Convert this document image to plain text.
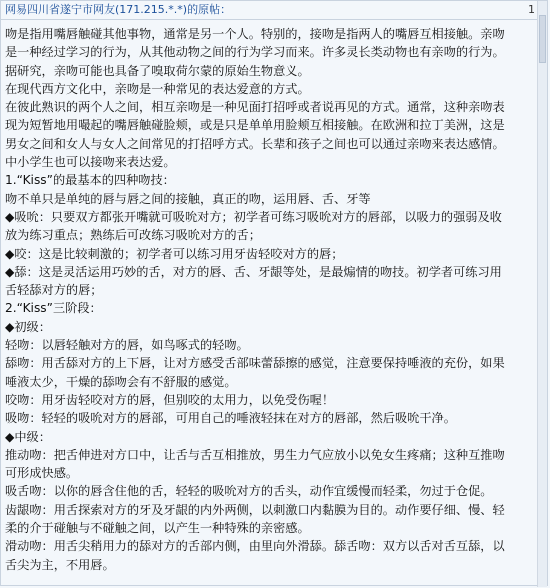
网易四川省遂宁市网友(171.215.*.*)的原帖：	1
吻是指用嘴唇触碰其他事物，通常是另一个人。特别的，接吻是指两人的嘴唇互相接触。亲吻
是一种经过学习的行为，从其他动物之间的行为学习而来。许多灵长类动物也有亲吻的行为。
据研究，亲吻可能也具备了嗅取荷尔蒙的原始生物意义。
在现代西方文化中，亲吻是一种常见的表达爱意的方式。
在彼此熟识的两个人之间，相互亲吻是一种见面打招呼或者说再见的方式。通常，这种亲吻表
现为短暂地用嘬起的嘴唇触碰脸颊，或是只是单单用脸颊互相接触。在欧洲和拉丁美洲，这是
男女之间和女人与女人之间常见的打招呼方式。长辈和孩子之间也可以通过亲吻来表达感情。
中小学生也可以接吻来表达爱。
1.“Kiss”的最基本的四种吻技：
吻不单只是单纯的唇与唇之间的接触，真正的吻，运用唇、舌、牙等
◆吸吮：只要双方都张开嘴就可吸吮对方；初学者可练习吸吮对方的唇部，以吸力的强弱及收
放为练习重点；熟练后可改练习吸吮对方的舌；
◆咬：这是比较刺激的；初学者可以练习用牙齿轻咬对方的唇；
◆舔：这是灵活运用巧妙的舌，对方的唇、舌、牙龈等处，是最煽情的吻技。初学者可练习用
舌轻舔对方的唇；
2.“Kiss”三阶段：
◆初级：
轻吻：以唇轻触对方的唇，如鸟啄式的轻吻。
舔吻：用舌舔对方的上下唇，让对方感受舌部味蕾舔擦的感觉，注意要保持唾液的充份，如果
唾液太少，干燥的舔吻会有不舒服的感觉。
咬吻：用牙齿轻咬对方的唇，但别咬的太用力，以免受伤喔！
吸吻：轻轻的吸吮对方的唇部，可用自己的唾液轻抹在对方的唇部，然后吸吮干净。
◆中级：
推动吻：把舌伸进对方口中，让舌与舌互相推放，男生力气应放小以免女生疼痛；这种互推吻
可形成快感。
吸舌吻：以你的唇含住他的舌，轻轻的吸吮对方的舌头，动作宜缓慢而轻柔，勿过于仓促。
齿龈吻：用舌探索对方的牙及牙龈的内外两侧，以刺激口内黏膜为目的。动作要仔细、慢、轻
柔的介于碰触与不碰触之间，以产生一种特殊的亲密感。
滑动吻：用舌尖稍用力的舔对方的舌部内侧，由里向外滑舔。舔舌吻：双方以舌对舌互舔，以
舌尖为主，不用唇。
